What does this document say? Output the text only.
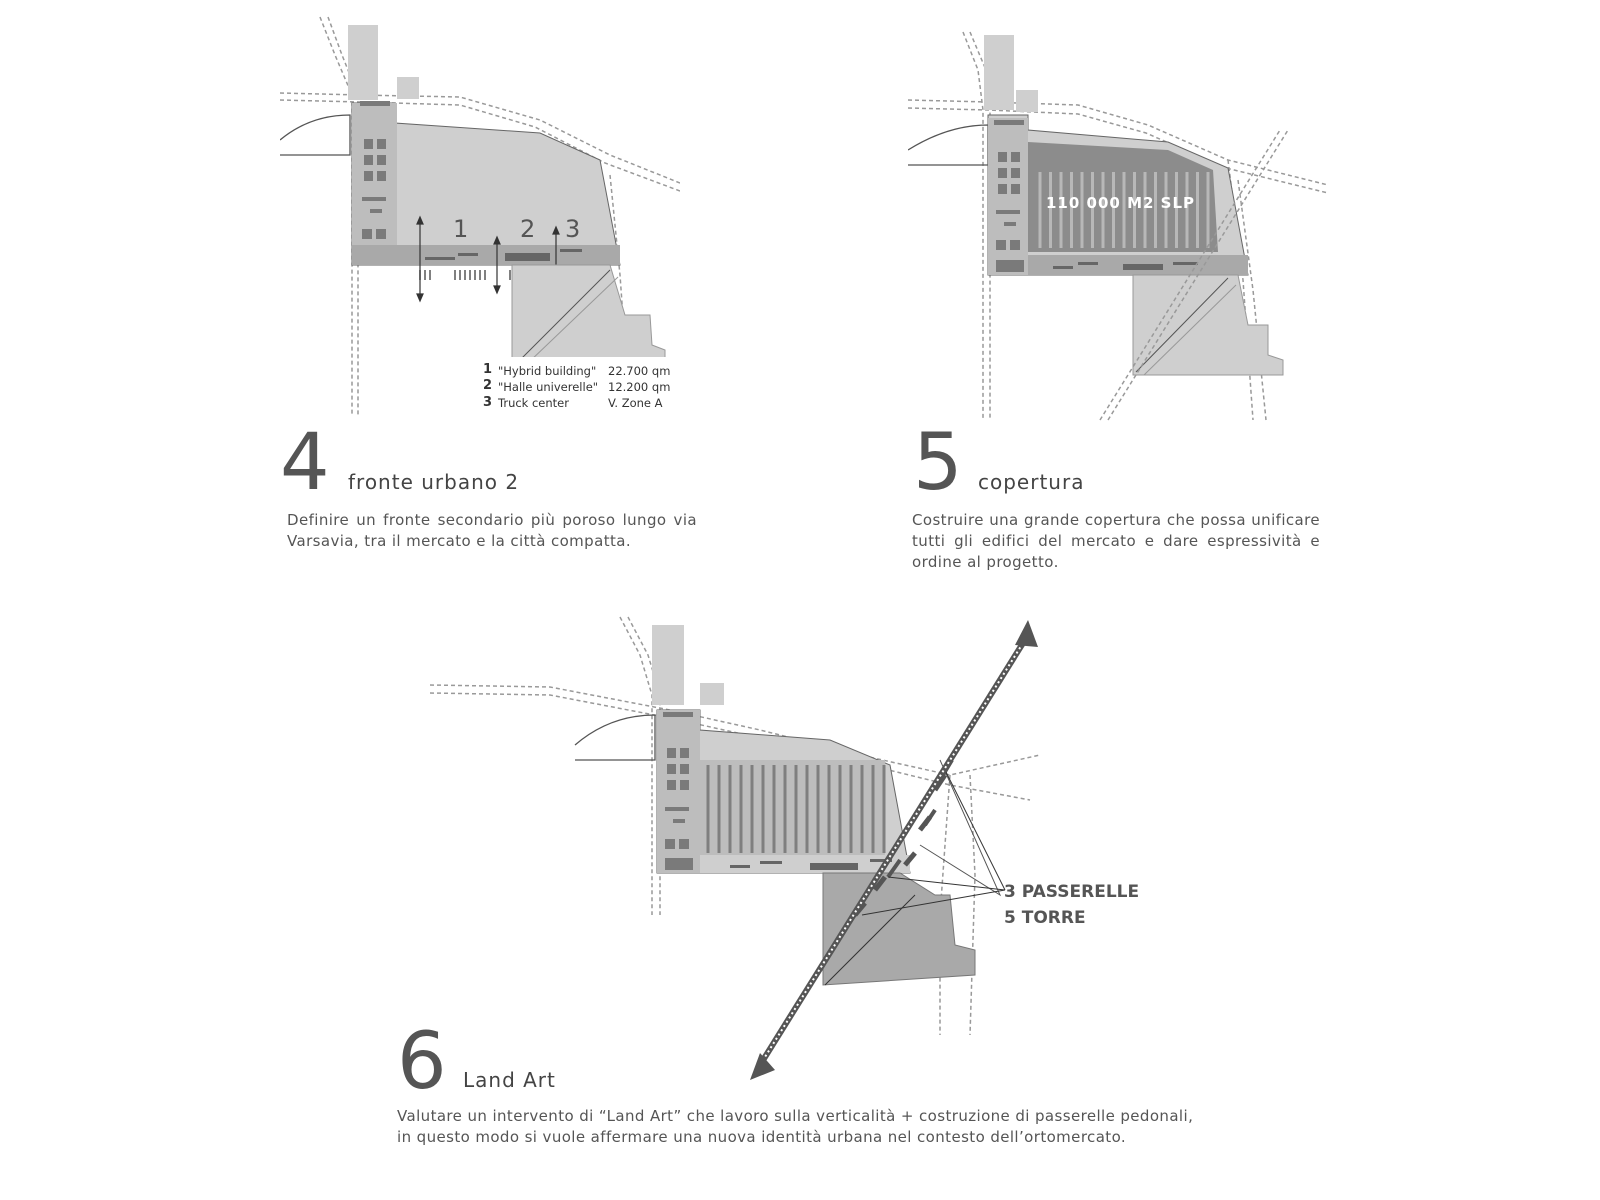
1 2 3
1 "Hybrid building" 22.700 qm
2 "Halle univerelle" 12.200 qm
3 Truck center	V. Zone A
4 fronte urbano 2
Definire un fronte secondario più poroso lungo via Varsavia, tra il mercato e la città compatta.
110 000 M2 SLP
5 copertura
Costruire una grande copertura che possa unificare tutti gli edifici del mercato e dare espressività e ordine al progetto.
3 PASSERELLE
5 TORRE
6 Land Art
Valutare un intervento di “Land Art” che lavoro sulla verticalità + costruzione di passerelle pedonali,
in questo modo si vuole affermare una nuova identità urbana nel contesto dell’ortomercato.
